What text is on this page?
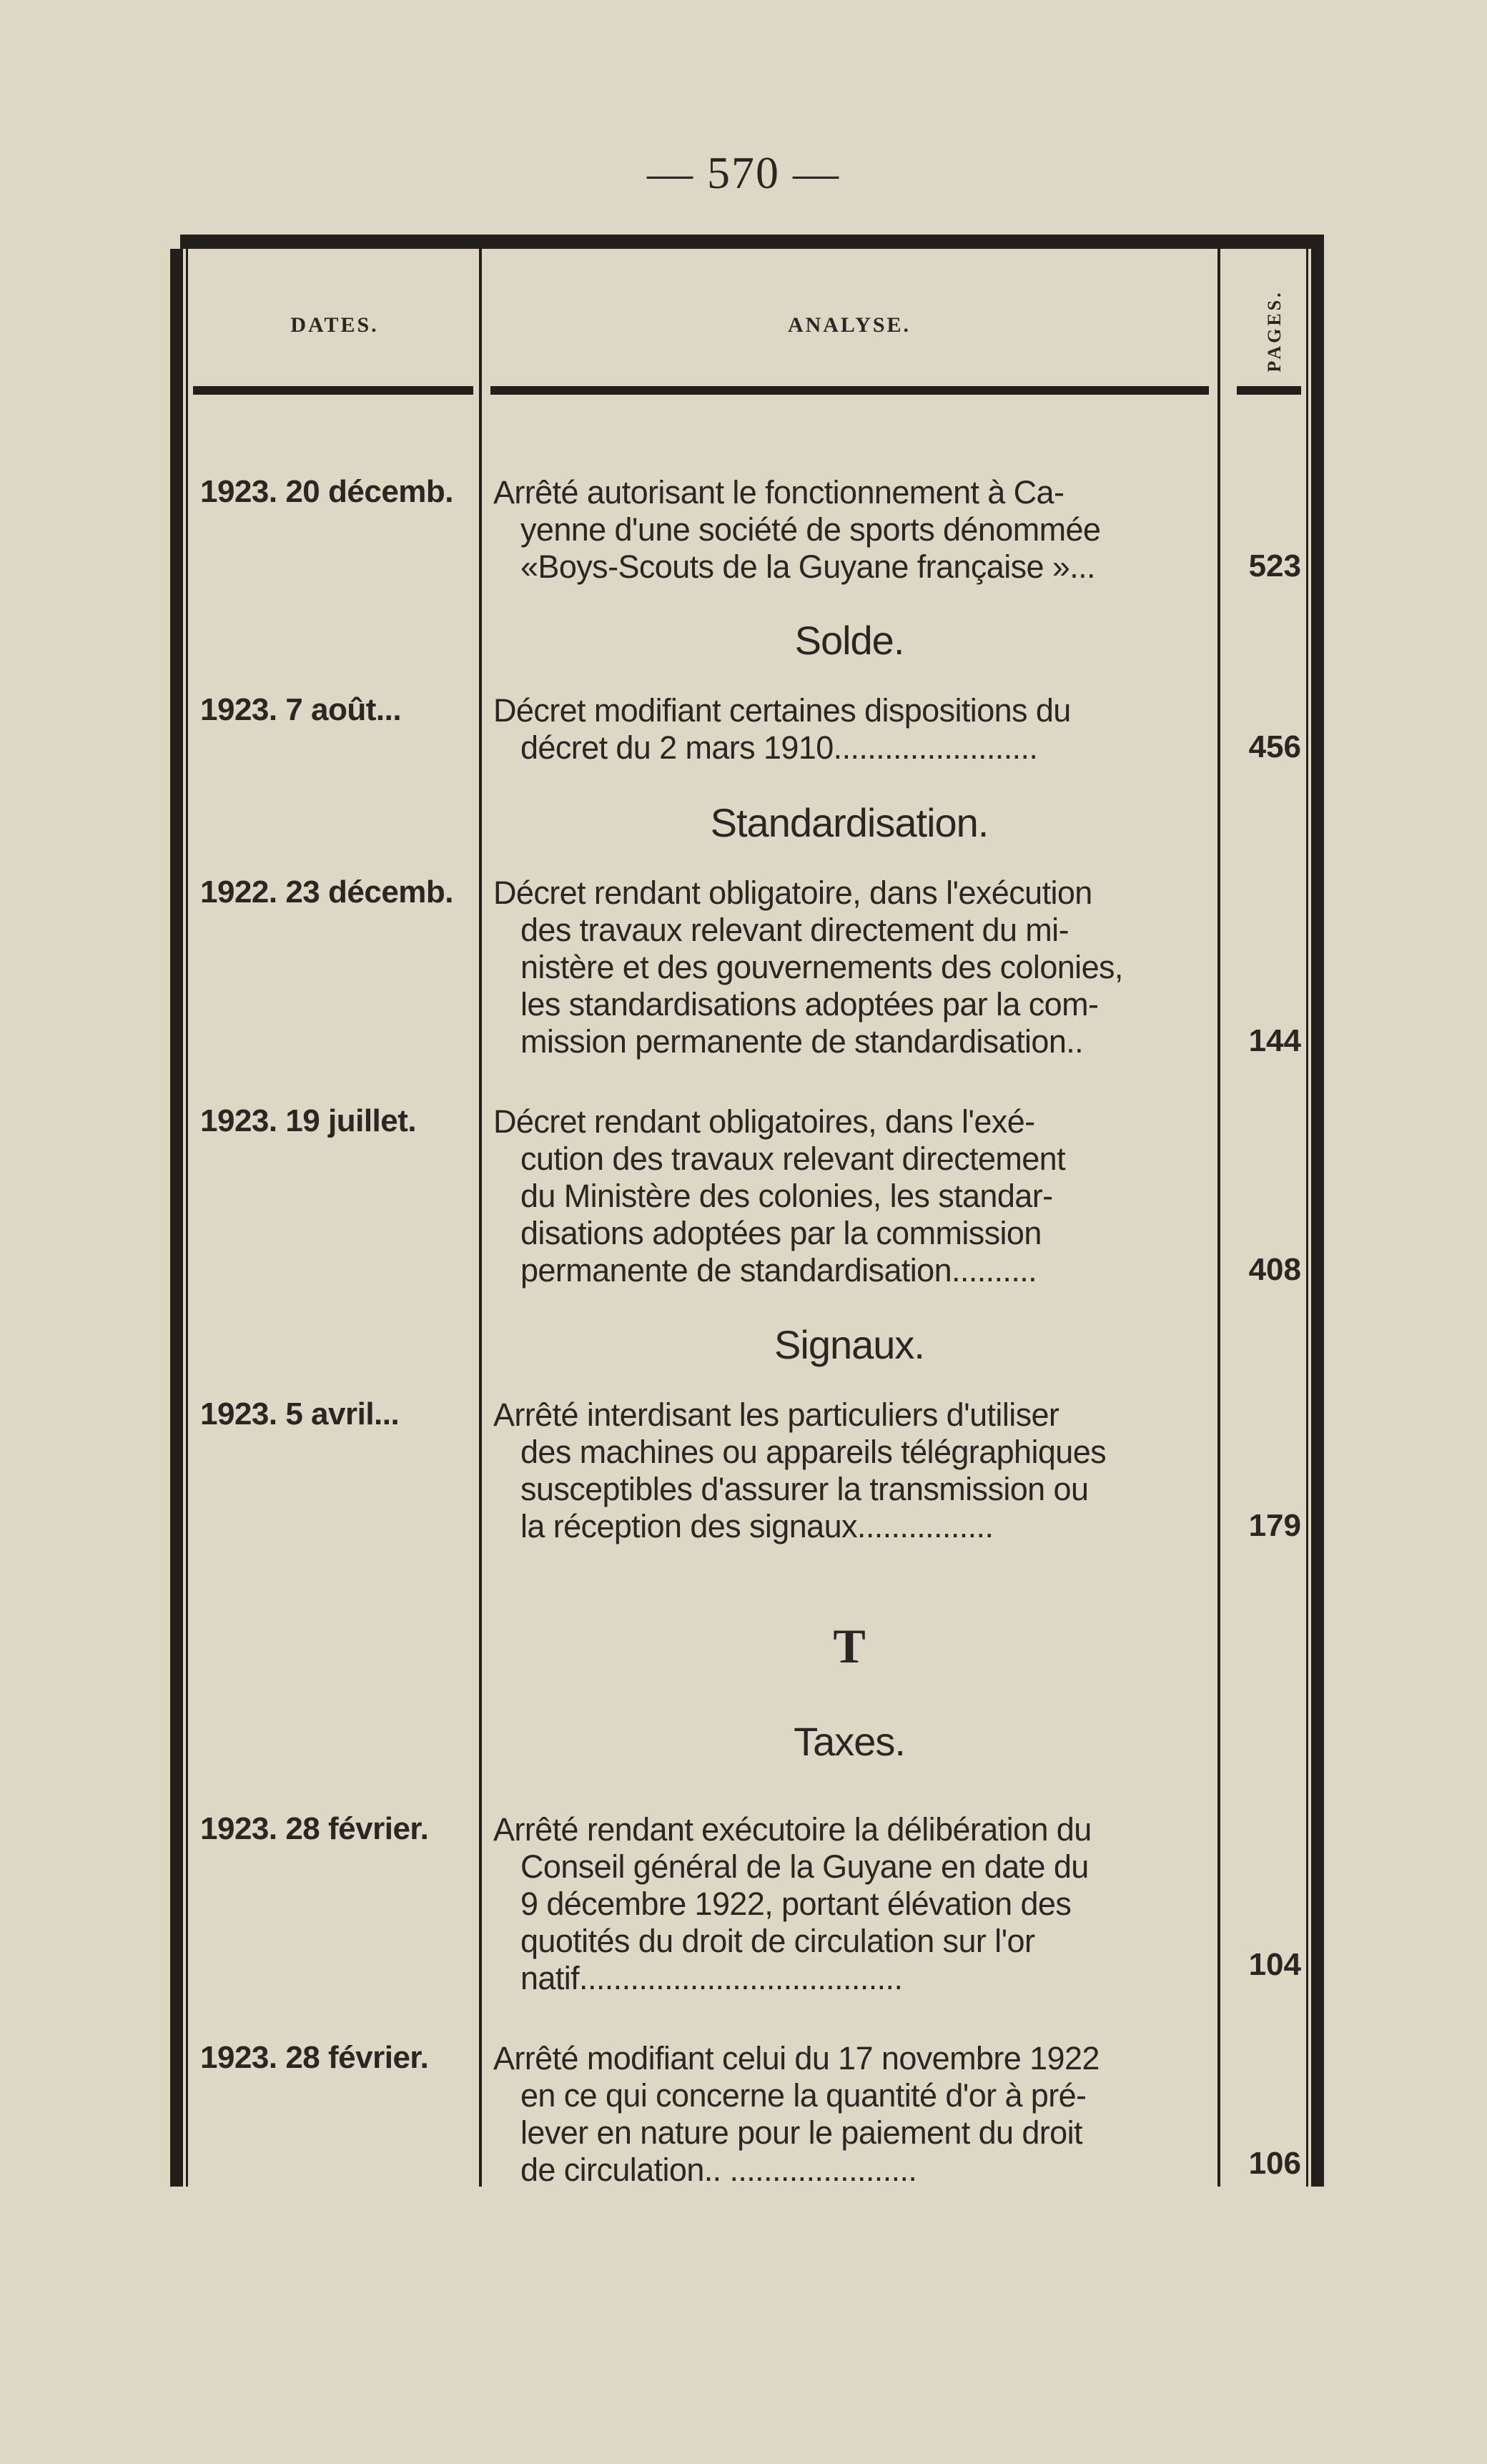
— 570 —
DATES.	ANALYSE.	PAGES.
1923. 20 décemb.	Arrêté autorisant le fonctionnement à Ca-
yenne d'une société de sports dénommée
«Boys-Scouts de la Guyane française »...	523
Solde.
1923. 7 août...	Décret modifiant certaines dispositions du
décret du 2 mars 1910........................	456
Standardisation.
1922. 23 décemb.	Décret rendant obligatoire, dans l'exécution
des travaux relevant directement du mi-
nistère et des gouvernements des colonies,
les standardisations adoptées par la com-
mission permanente de standardisation..	144
1923. 19 juillet.	Décret rendant obligatoires, dans l'exé-
cution des travaux relevant directement
du Ministère des colonies, les standar-
disations adoptées par la commission
permanente de standardisation..........	408
Signaux.
1923. 5 avril...	Arrêté interdisant les particuliers d'utiliser
des machines ou appareils télégraphiques
susceptibles d'assurer la transmission ou
la réception des signaux................	179
T
Taxes.
1923. 28 février.	Arrêté rendant exécutoire la délibération du
Conseil général de la Guyane en date du
9 décembre 1922, portant élévation des
quotités du droit de circulation sur l'or
natif......................................	104
1923. 28 février.	Arrêté modifiant celui du 17 novembre 1922
en ce qui concerne la quantité d'or à pré-
lever en nature pour le paiement du droit
de circulation.. ......................	106
